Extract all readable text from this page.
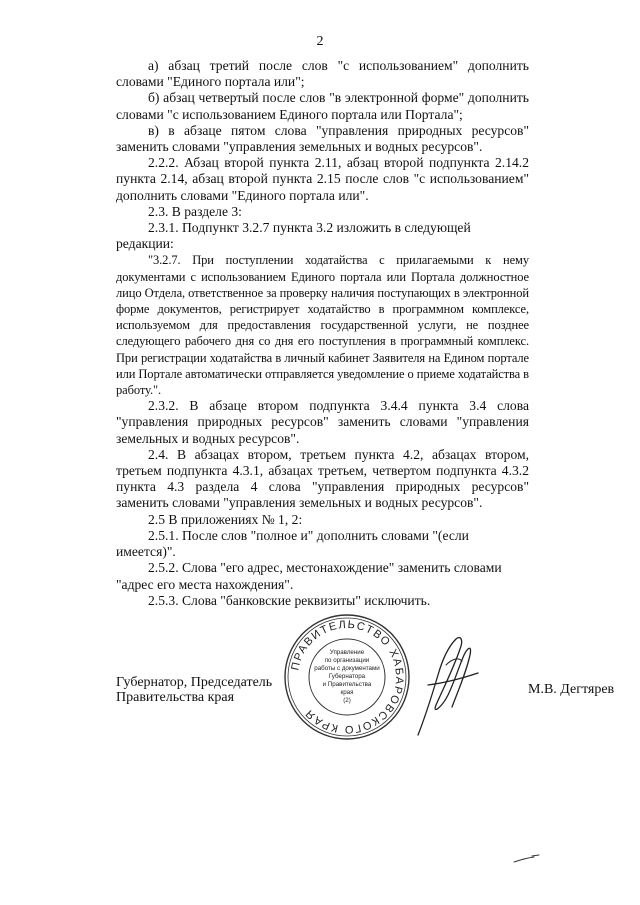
2

а) абзац третий после слов "с использованием" дополнить словами "Единого портала или";

б) абзац четвертый после слов "в электронной форме" дополнить словами "с использованием Единого портала или Портала";

в) в абзаце пятом слова "управления природных ресурсов" заменить словами "управления земельных и водных ресурсов".

2.2.2. Абзац второй пункта 2.11, абзац второй подпункта 2.14.2 пункта 2.14, абзац второй пункта 2.15 после слов "с использованием" дополнить словами "Единого портала или".

2.3. В разделе 3:

2.3.1. Подпункт 3.2.7 пункта 3.2 изложить в следующей редакции:

"3.2.7. При поступлении ходатайства с прилагаемыми к нему документами с использованием Единого портала или Портала должностное лицо Отдела, ответственное за проверку наличия поступающих в электронной форме документов, регистрирует ходатайство в программном комплексе, используемом для предоставления государственной услуги, не позднее следующего рабочего дня со дня его поступления в программный комплекс. При регистрации ходатайства в личный кабинет Заявителя на Едином портале или Портале автоматически отправляется уведомление о приеме ходатайства в работу.".

2.3.2. В абзаце втором подпункта 3.4.4 пункта 3.4 слова "управления природных ресурсов" заменить словами "управления земельных и водных ресурсов".

2.4. В абзацах втором, третьем пункта 4.2, абзацах втором, третьем подпункта 4.3.1, абзацах третьем, четвертом подпункта 4.3.2 пункта 4.3 раздела 4 слова "управления природных ресурсов" заменить словами "управления земельных и водных ресурсов".

2.5 В приложениях № 1, 2:

2.5.1. После слов "полное и" дополнить словами "(если имеется)".

2.5.2. Слова "его адрес, местонахождение" заменить словами "адрес его места нахождения".

2.5.3. Слова "банковские реквизиты" исключить.

Губернатор, Председатель
Правительства края
М.В. Дегтярев
ПРАВИТЕЛЬСТВО ХАБАРОВСКОГО КРАЯ
Управление
по организации
работы с документами
Губернатора
и Правительства
края
(2)
